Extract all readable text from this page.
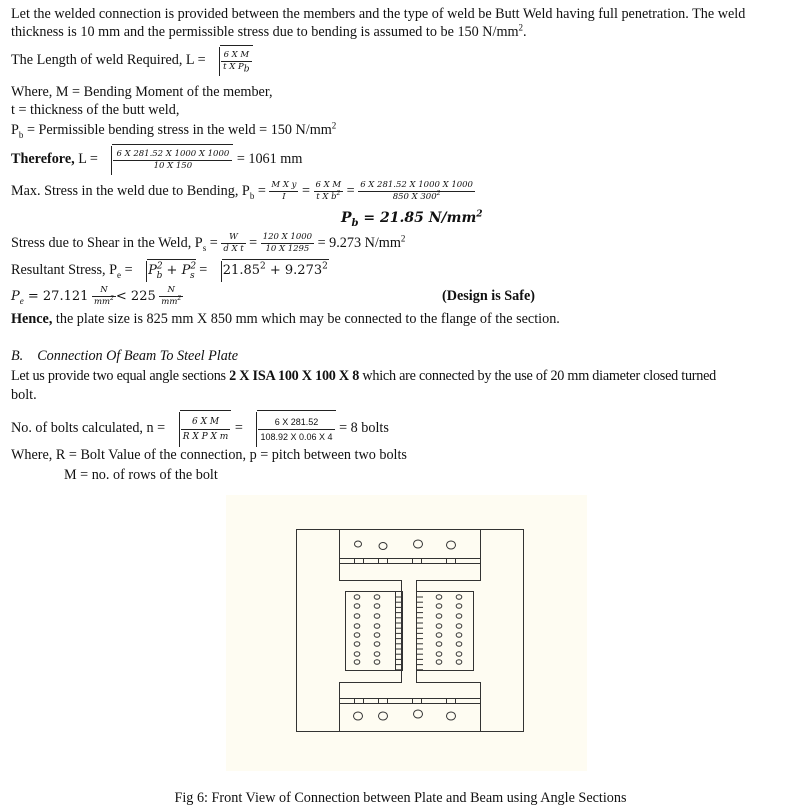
Let the welded connection is provided between the members and the type of weld be Butt Weld having full penetration. The weld
thickness is 10 mm and the permissible stress due to bending is assumed to be 150 $N/mm^2$.
The Length of weld Required, $L = \frac{\text{6 X M}}{t X P_b}$
Where, M = Bending Moment of the member,
t = thickness of the butt weld,
$P_b$ = Permissible bending stress in the weld = 150 $N/mm^2$
Therefore, $L = \frac{6 X 281.52 X 1000 X 1000}{10 X 150} = 1061$ mm
Max. Stress in the weld due to Bending, $P_b = \frac{\text{M X y}}{I} = \frac{\text{6 X M}}{t X b^2} = \frac{6 X 281.52 X 1000 X 1000}{850 X 300^2}$
$P_b = 21.85$ $N/mm^2$
Stress due to Shear in the Weld, $P_s = \frac{W}{\text{d X t}} = \frac{120 X 1000}{10 X 1295} = 9.273$ $N/mm^2$
Resultant Stress, $P_e = P^2_b + P^2_s = 21.85^2 + 9.273^2$
$P_e = 27.121 \frac{N}{mm^2} < 225 \frac{N}{mm^2}$	(Design is Safe)
Hence, the plate size is 825 mm X 850 mm which may be connected to the flange of the section.
B. Connection Of Beam To Steel Plate
Let us provide two equal angle sections 2 X ISA 100 X 100 X 8 which are connected by the use of 20 mm diameter closed turned
bolt.
No. of bolts calculated, $n = \frac{\text{6 X M}}{\text{R X P X m}} = \frac{6 X 281.52}{108.92 X 0.06 X 4} = 8$ bolts
Where, R = Bolt Value of the connection, p = pitch between two bolts
M = no. of rows of the bolt
Fig 6: Front View of Connection between Plate and Beam using Angle Sections
